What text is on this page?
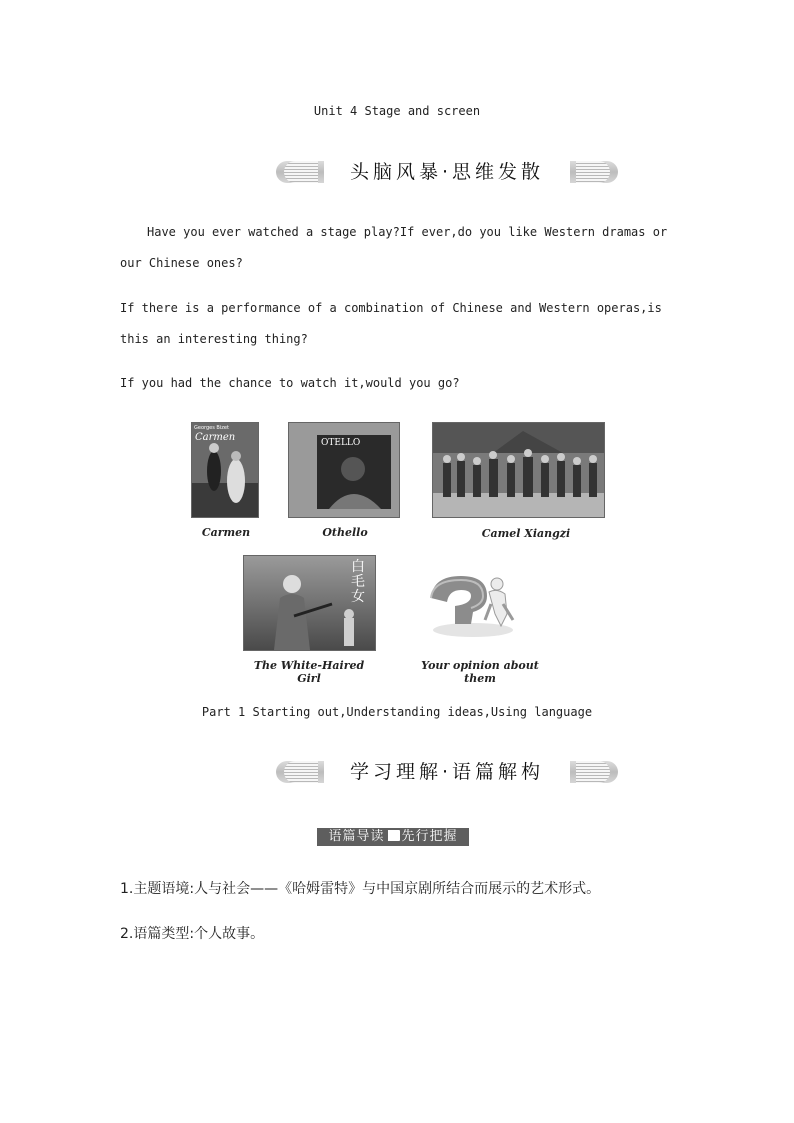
Unit 4 Stage and screen
头脑风暴·思维发散
Have you ever watched a stage play?If ever,do you like Western dramas or our Chinese ones?
If there is a performance of a combination of Chinese and Western operas,is this an interesting thing?
If you had the chance to watch it,would you go?
Georges Bizet
Carmen
Carmen
OTELLO
Othello	Camel Xiangzi
白毛女
The White-Haired Girl
Your opinion about them
Part 1 Starting out,Understanding ideas,Using language
学习理解·语篇解构
语篇导读 先行把握
1.主题语境:人与社会——《哈姆雷特》与中国京剧所结合而展示的艺术形式。
2.语篇类型:个人故事。
